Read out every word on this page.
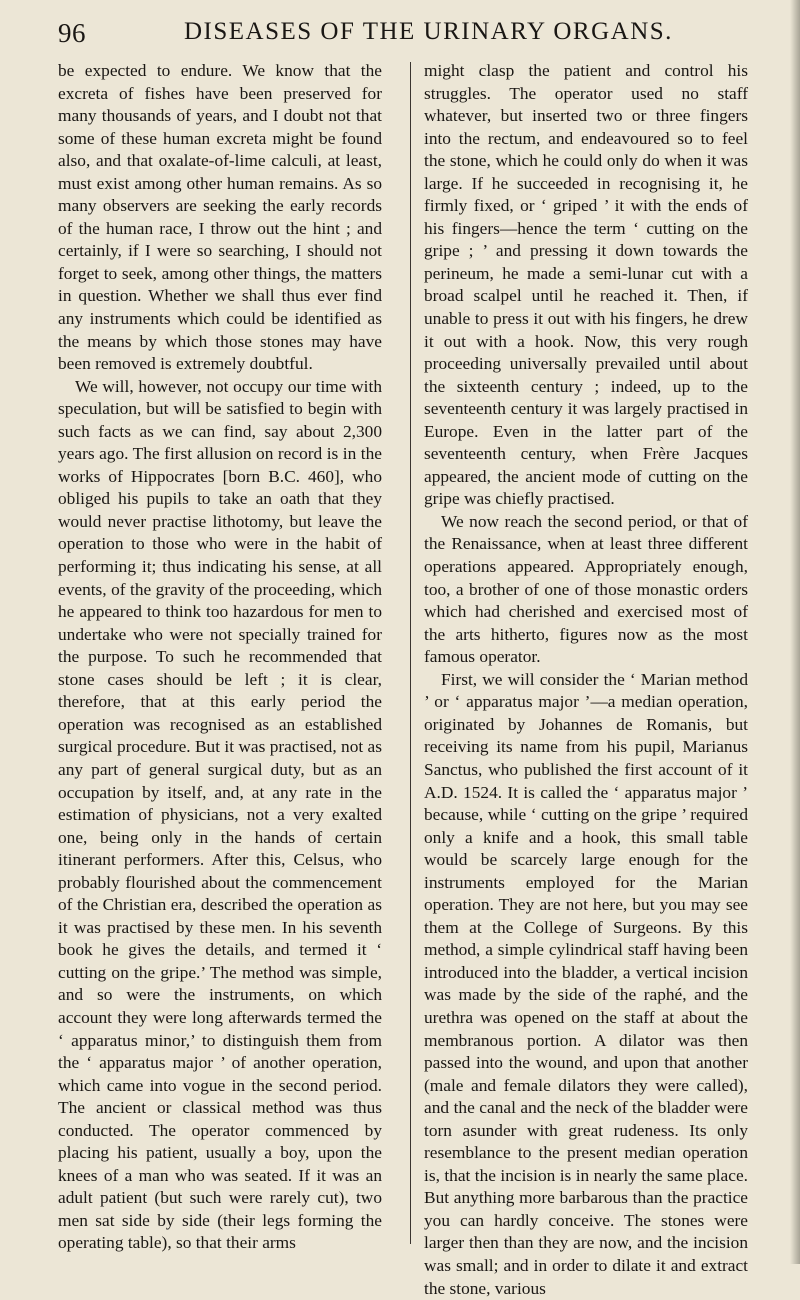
96	DISEASES OF THE URINARY ORGANS.

be expected to endure. We know that the excreta of fishes have been preserved for many thousands of years, and I doubt not that some of these human excreta might be found also, and that oxalate-of-lime calculi, at least, must exist among other human remains. As so many observers are seeking the early records of the human race, I throw out the hint ; and certainly, if I were so searching, I should not forget to seek, among other things, the matters in question. Whether we shall thus ever find any instruments which could be identified as the means by which those stones may have been removed is extremely doubtful.

We will, however, not occupy our time with speculation, but will be satisfied to begin with such facts as we can find, say about 2,300 years ago. The first allusion on record is in the works of Hippocrates [born B.C. 460], who obliged his pupils to take an oath that they would never practise lithotomy, but leave the operation to those who were in the habit of performing it; thus indicating his sense, at all events, of the gravity of the proceeding, which he appeared to think too hazardous for men to undertake who were not specially trained for the purpose. To such he recommended that stone cases should be left ; it is clear, therefore, that at this early period the operation was recognised as an established surgical procedure. But it was practised, not as any part of general surgical duty, but as an occupation by itself, and, at any rate in the estimation of physicians, not a very exalted one, being only in the hands of certain itinerant performers. After this, Celsus, who probably flourished about the commencement of the Christian era, described the operation as it was practised by these men. In his seventh book he gives the details, and termed it ‘ cutting on the gripe.’ The method was simple, and so were the instruments, on which account they were long afterwards termed the ‘ apparatus minor,’ to distinguish them from the ‘ apparatus major ’ of another operation, which came into vogue in the second period. The ancient or classical method was thus conducted. The operator commenced by placing his patient, usually a boy, upon the knees of a man who was seated. If it was an adult patient (but such were rarely cut), two men sat side by side (their legs forming the operating table), so that their arms

might clasp the patient and control his struggles. The operator used no staff whatever, but inserted two or three fingers into the rectum, and endeavoured so to feel the stone, which he could only do when it was large. If he succeeded in recognising it, he firmly fixed, or ‘ griped ’ it with the ends of his fingers—hence the term ‘ cutting on the gripe ; ’ and pressing it down towards the perineum, he made a semi-lunar cut with a broad scalpel until he reached it. Then, if unable to press it out with his fingers, he drew it out with a hook. Now, this very rough proceeding universally prevailed until about the sixteenth century ; indeed, up to the seventeenth century it was largely practised in Europe. Even in the latter part of the seventeenth century, when Frère Jacques appeared, the ancient mode of cutting on the gripe was chiefly practised.

We now reach the second period, or that of the Renaissance, when at least three different operations appeared. Appropriately enough, too, a brother of one of those monastic orders which had cherished and exercised most of the arts hitherto, figures now as the most famous operator.

First, we will consider the ‘ Marian method ’ or ‘ apparatus major ’—a median operation, originated by Johannes de Romanis, but receiving its name from his pupil, Marianus Sanctus, who published the first account of it A.D. 1524. It is called the ‘ apparatus major ’ because, while ‘ cutting on the gripe ’ required only a knife and a hook, this small table would be scarcely large enough for the instruments employed for the Marian operation. They are not here, but you may see them at the College of Surgeons. By this method, a simple cylindrical staff having been introduced into the bladder, a vertical incision was made by the side of the raphé, and the urethra was opened on the staff at about the membranous portion. A dilator was then passed into the wound, and upon that another (male and female dilators they were called), and the canal and the neck of the bladder were torn asunder with great rudeness. Its only resemblance to the present median operation is, that the incision is in nearly the same place. But anything more barbarous than the practice you can hardly conceive. The stones were larger then than they are now, and the incision was small; and in order to dilate it and extract the stone, various
